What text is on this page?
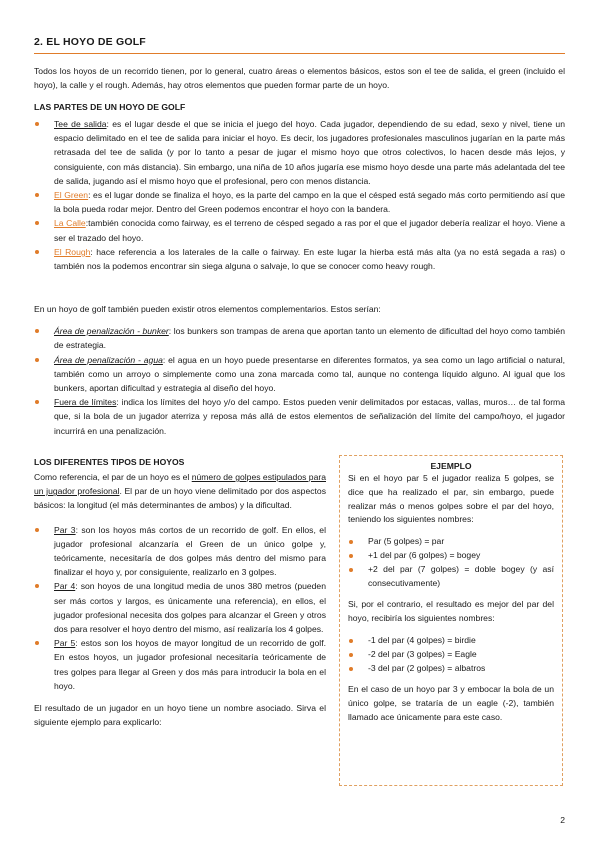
2. EL HOYO DE GOLF

Todos los hoyos de un recorrido tienen, por lo general, cuatro áreas o elementos básicos, estos son el tee de salida, el green (incluido el hoyo), la calle y el rough. Además, hay otros elementos que pueden formar parte de un hoyo.

LAS PARTES DE UN HOYO DE GOLF

Tee de salida: es el lugar desde el que se inicia el juego del hoyo. Cada jugador, dependiendo de su edad, sexo y nivel, tiene un espacio delimitado en el tee de salida para iniciar el hoyo. Es decir, los jugadores profesionales masculinos jugarían en la parte más retrasada del tee de salida (y por lo tanto a pesar de jugar el mismo hoyo que otros colectivos, lo hacen desde más lejos, y consiguiente, con más distancia). Sin embargo, una niña de 10 años jugaría ese mismo hoyo desde una parte más adelantada del tee de salida, jugando así el mismo hoyo que el profesional, pero con menos distancia.
El Green: es el lugar donde se finaliza el hoyo, es la parte del campo en la que el césped está segado más corto permitiendo así que la bola pueda rodar mejor. Dentro del Green podemos encontrar el hoyo con la bandera.
La Calle:también conocida como fairway, es el terreno de césped segado a ras por el que el jugador debería realizar el hoyo. Viene a ser el trazado del hoyo.
El Rough: hace referencia a los laterales de la calle o fairway. En este lugar la hierba está más alta (ya no está segada a ras) o también nos la podemos encontrar sin siega alguna o salvaje, lo que se conocer como heavy rough.

En un hoyo de golf también pueden existir otros elementos complementarios. Estos serían:

Área de penalización - bunker: los bunkers son trampas de arena que aportan tanto un elemento de dificultad del hoyo como también de estrategia.
Área de penalización - agua: el agua en un hoyo puede presentarse en diferentes formatos, ya sea como un lago artificial o natural, también como un arroyo o simplemente como una zona marcada como tal, aunque no contenga líquido alguno. Al igual que los bunkers, aportan dificultad y estrategia al diseño del hoyo.
Fuera de límites: indica los límites del hoyo y/o del campo. Estos pueden venir delimitados por estacas, vallas, muros… de tal forma que, si la bola de un jugador aterriza y reposa más allá de estos elementos de señalización del límite del campo/hoyo, el jugador incurrirá en una penalización.

LOS DIFERENTES TIPOS DE HOYOS

Como referencia, el par de un hoyo es el número de golpes estipulados para un jugador profesional. El par de un hoyo viene delimitado por dos aspectos básicos: la longitud (el más determinantes de ambos) y la dificultad.

Par 3: son los hoyos más cortos de un recorrido de golf. En ellos, el jugador profesional alcanzaría el Green de un único golpe y, teóricamente, necesitaría de dos golpes más dentro del mismo para finalizar el hoyo y, por consiguiente, realizarlo en 3 golpes.
Par 4: son hoyos de una longitud media de unos 380 metros (pueden ser más cortos y largos, es únicamente una referencia), en ellos, el jugador profesional necesita dos golpes para alcanzar el Green y otros dos para resolver el hoyo dentro del mismo, así realizaría los 4 golpes.
Par 5: estos son los hoyos de mayor longitud de un recorrido de golf. En estos hoyos, un jugador profesional necesitaría teóricamente de tres golpes para llegar al Green y dos más para introducir la bola en el hoyo.

El resultado de un jugador en un hoyo tiene un nombre asociado. Sirva el siguiente ejemplo para explicarlo:

EJEMPLO

Si en el hoyo par 5 el jugador realiza 5 golpes, se dice que ha realizado el par, sin embargo, puede realizar más o menos golpes sobre el par del hoyo, teniendo los siguientes nombres:

Par (5 golpes) = par
+1 del par (6 golpes) = bogey
+2 del par (7 golpes) = doble bogey (y así consecutivamente)

Si, por el contrario, el resultado es mejor del par del hoyo, recibiría los siguientes nombres:

-1 del par (4 golpes) = birdie
-2 del par (3 golpes) = Eagle
-3 del par (2 golpes) = albatros

En el caso de un hoyo par 3 y embocar la bola de un único golpe, se trataría de un eagle (-2), también llamado ace únicamente para este caso.

2
